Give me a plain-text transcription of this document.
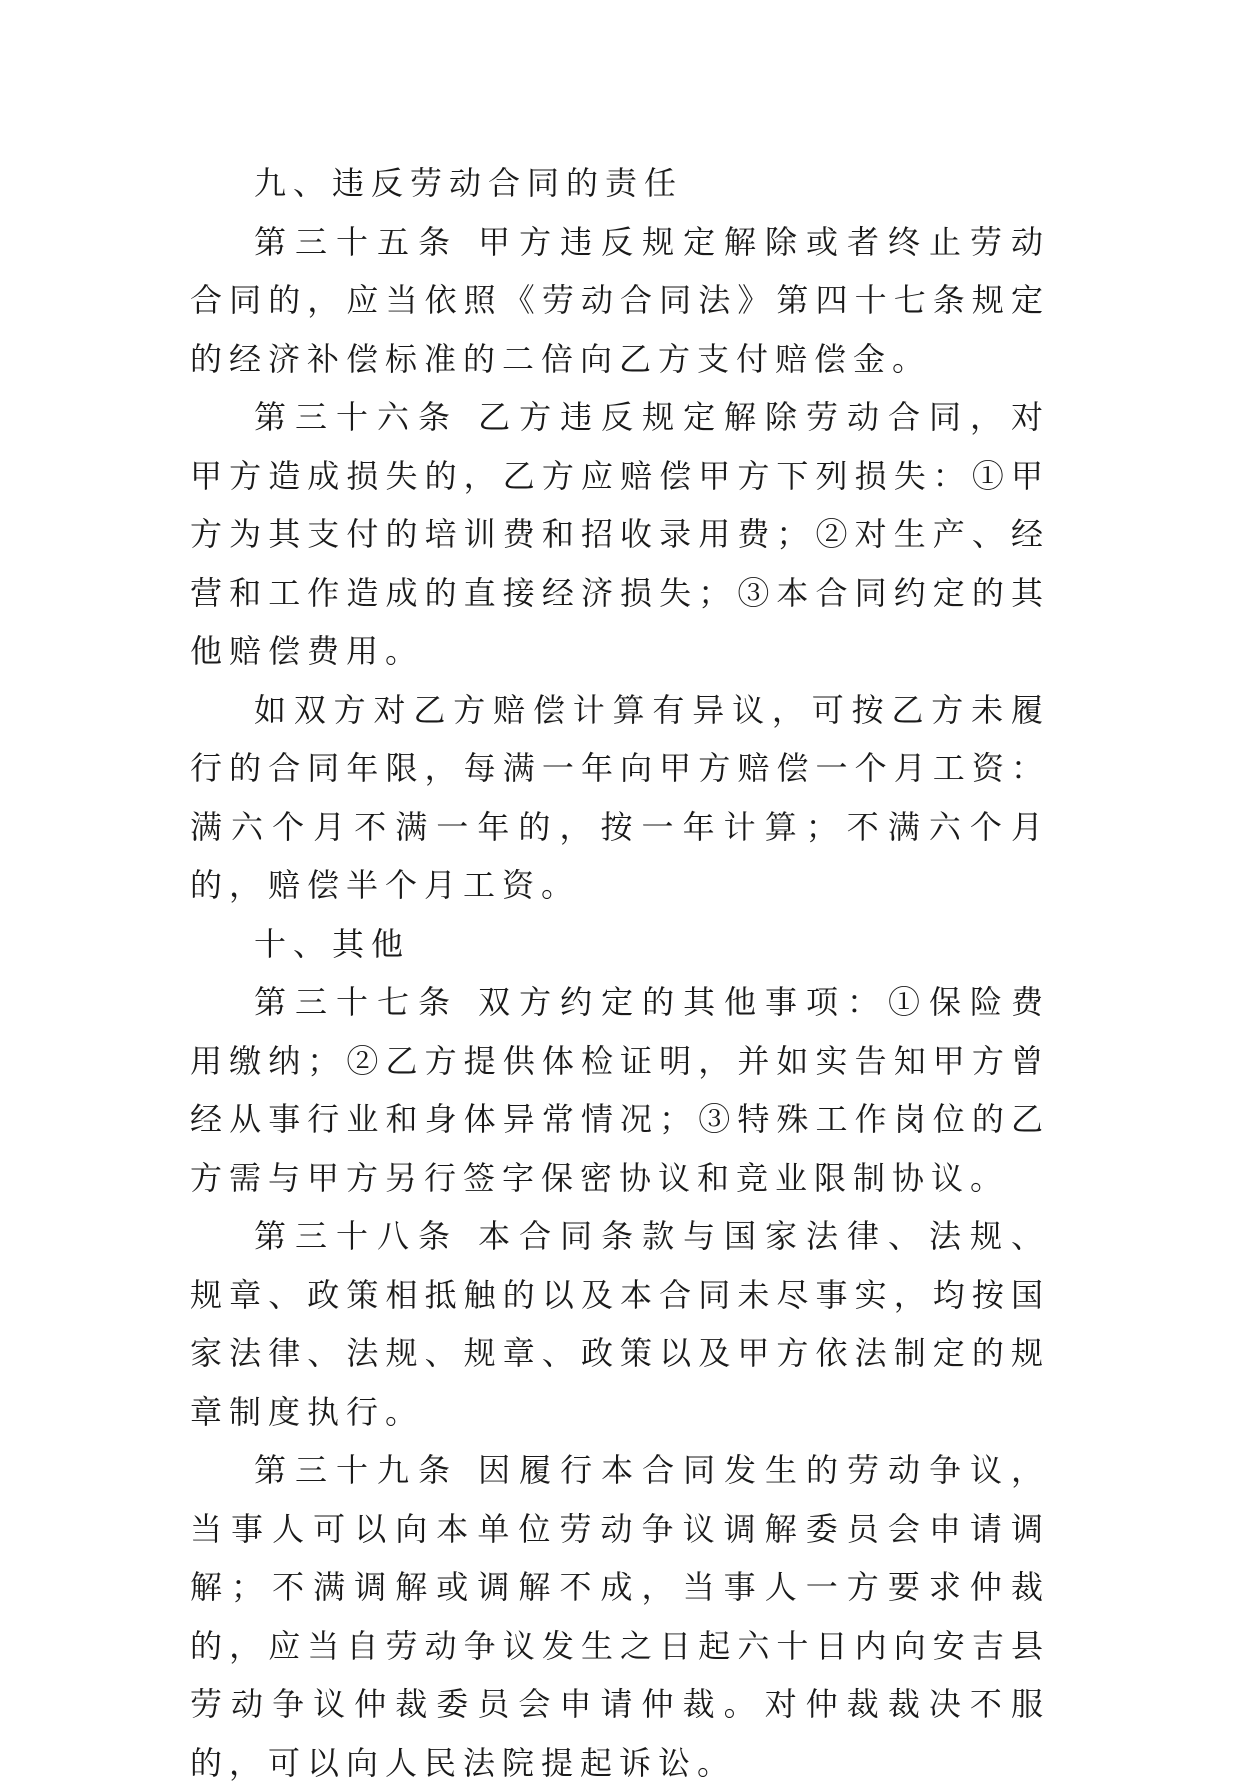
九、违反劳动合同的责任

第三十五条 甲方违反规定解除或者终止劳动合同的，应当依照《劳动合同法》第四十七条规定的经济补偿标准的二倍向乙方支付赔偿金。

第三十六条 乙方违反规定解除劳动合同，对甲方造成损失的，乙方应赔偿甲方下列损失：①甲方为其支付的培训费和招收录用费；②对生产、经营和工作造成的直接经济损失；③本合同约定的其他赔偿费用。

如双方对乙方赔偿计算有异议，可按乙方未履行的合同年限，每满一年向甲方赔偿一个月工资：满六个月不满一年的，按一年计算；不满六个月的，赔偿半个月工资。

十、其他

第三十七条 双方约定的其他事项：①保险费用缴纳；②乙方提供体检证明，并如实告知甲方曾经从事行业和身体异常情况；③特殊工作岗位的乙方需与甲方另行签字保密协议和竞业限制协议。

第三十八条 本合同条款与国家法律、法规、规章、政策相抵触的以及本合同未尽事实，均按国家法律、法规、规章、政策以及甲方依法制定的规章制度执行。

第三十九条 因履行本合同发生的劳动争议，当事人可以向本单位劳动争议调解委员会申请调解；不满调解或调解不成，当事人一方要求仲裁的，应当自劳动争议发生之日起六十日内向安吉县劳动争议仲裁委员会申请仲裁。对仲裁裁决不服的，可以向人民法院提起诉讼。
